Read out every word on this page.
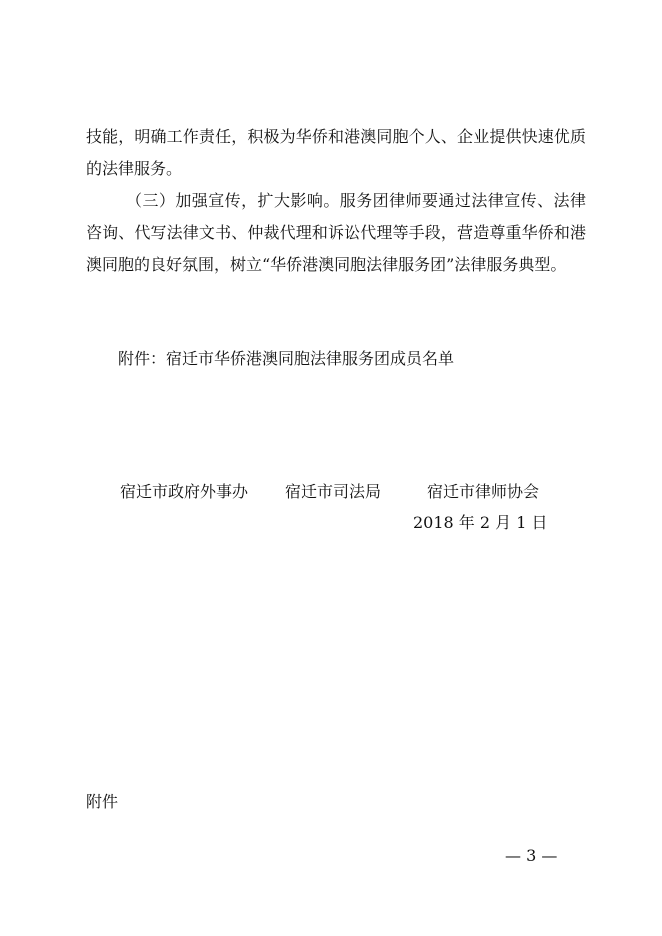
技能，明确工作责任，积极为华侨和港澳同胞个人、企业提供快速优质的法律服务。

（三）加强宣传，扩大影响。服务团律师要通过法律宣传、法律咨询、代写法律文书、仲裁代理和诉讼代理等手段，营造尊重华侨和港澳同胞的良好氛围，树立“华侨港澳同胞法律服务团”法律服务典型。

附件：宿迁市华侨港澳同胞法律服务团成员名单

宿迁市政府外事办 宿迁市司法局	宿迁市律师协会
2018 年 2 月 1 日

附件

— 3 —
